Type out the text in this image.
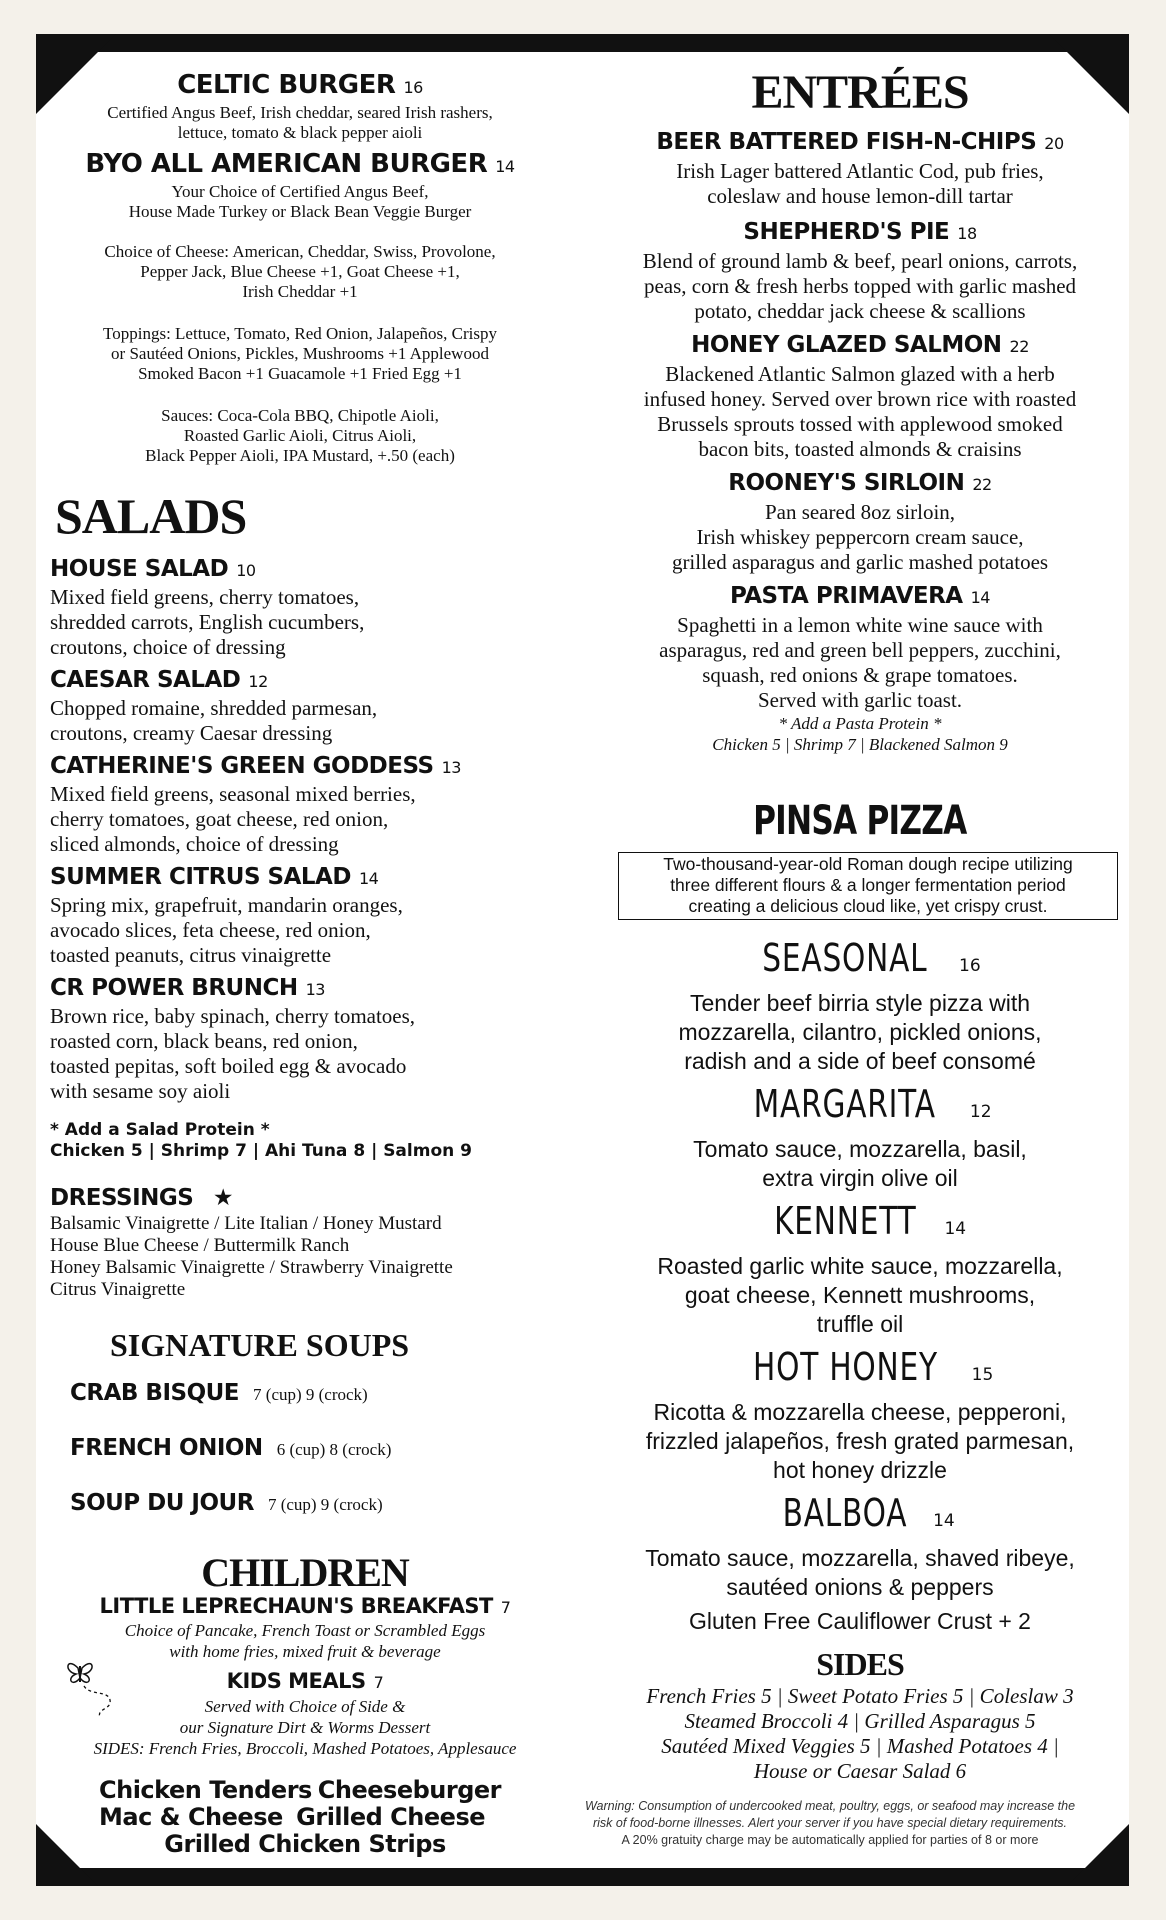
CELTIC BURGER 16
Certified Angus Beef, Irish cheddar, seared Irish rashers,
lettuce, tomato & black pepper aioli
BYO ALL AMERICAN BURGER 14
Your Choice of Certified Angus Beef,
House Made Turkey or Black Bean Veggie Burger
Choice of Cheese: American, Cheddar, Swiss, Provolone,
Pepper Jack, Blue Cheese +1, Goat Cheese +1,
Irish Cheddar +1
Toppings: Lettuce, Tomato, Red Onion, Jalapeños, Crispy
or Sautéed Onions, Pickles, Mushrooms +1 Applewood
Smoked Bacon +1 Guacamole +1 Fried Egg +1
Sauces: Coca-Cola BBQ, Chipotle Aioli,
Roasted Garlic Aioli, Citrus Aioli,
Black Pepper Aioli, IPA Mustard, +.50 (each)
SALADS
HOUSE SALAD 10
Mixed field greens, cherry tomatoes,
shredded carrots, English cucumbers,
croutons, choice of dressing
CAESAR SALAD 12
Chopped romaine, shredded parmesan,
croutons, creamy Caesar dressing
CATHERINE'S GREEN GODDESS 13
Mixed field greens, seasonal mixed berries,
cherry tomatoes, goat cheese, red onion,
sliced almonds, choice of dressing
SUMMER CITRUS SALAD 14
Spring mix, grapefruit, mandarin oranges,
avocado slices, feta cheese, red onion,
toasted peanuts, citrus vinaigrette
CR POWER BRUNCH 13
Brown rice, baby spinach, cherry tomatoes,
roasted corn, black beans, red onion,
toasted pepitas, soft boiled egg & avocado
with sesame soy aioli
* Add a Salad Protein *
Chicken 5 | Shrimp 7 | Ahi Tuna 8 | Salmon 9
DRESSINGS ★
Balsamic Vinaigrette / Lite Italian / Honey Mustard
House Blue Cheese / Buttermilk Ranch
Honey Balsamic Vinaigrette / Strawberry Vinaigrette
Citrus Vinaigrette
SIGNATURE SOUPS
CRAB BISQUE 7 (cup) 9 (crock)
FRENCH ONION 6 (cup) 8 (crock)
SOUP DU JOUR 7 (cup) 9 (crock)
CHILDREN
LITTLE LEPRECHAUN'S BREAKFAST 7
Choice of Pancake, French Toast or Scrambled Eggs
with home fries, mixed fruit & beverage
KIDS MEALS 7
Served with Choice of Side &
our Signature Dirt & Worms Dessert
SIDES: French Fries, Broccoli, Mashed Potatoes, Applesauce
Chicken Tenders Cheeseburger
Mac & Cheese Grilled Cheese
Grilled Chicken Strips
ENTRÉES
BEER BATTERED FISH-N-CHIPS 20
Irish Lager battered Atlantic Cod, pub fries,
coleslaw and house lemon-dill tartar
SHEPHERD'S PIE 18
Blend of ground lamb & beef, pearl onions, carrots,
peas, corn & fresh herbs topped with garlic mashed
potato, cheddar jack cheese & scallions
HONEY GLAZED SALMON 22
Blackened Atlantic Salmon glazed with a herb
infused honey. Served over brown rice with roasted
Brussels sprouts tossed with applewood smoked
bacon bits, toasted almonds & craisins
ROONEY'S SIRLOIN 22
Pan seared 8oz sirloin,
Irish whiskey peppercorn cream sauce,
grilled asparagus and garlic mashed potatoes
PASTA PRIMAVERA 14
Spaghetti in a lemon white wine sauce with
asparagus, red and green bell peppers, zucchini,
squash, red onions & grape tomatoes.
Served with garlic toast.
* Add a Pasta Protein *
Chicken 5 | Shrimp 7 | Blackened Salmon 9
PINSA PIZZA
Two-thousand-year-old Roman dough recipe utilizing
three different flours & a longer fermentation period
creating a delicious cloud like, yet crispy crust.
SEASONAL 16
Tender beef birria style pizza with
mozzarella, cilantro, pickled onions,
radish and a side of beef consomé
MARGARITA 12
Tomato sauce, mozzarella, basil,
extra virgin olive oil
KENNETT 14
Roasted garlic white sauce, mozzarella,
goat cheese, Kennett mushrooms,
truffle oil
HOT HONEY 15
Ricotta & mozzarella cheese, pepperoni,
frizzled jalapeños, fresh grated parmesan,
hot honey drizzle
BALBOA 14
Tomato sauce, mozzarella, shaved ribeye,
sautéed onions & peppers
Gluten Free Cauliflower Crust + 2
SIDES
French Fries 5 | Sweet Potato Fries 5 | Coleslaw 3
Steamed Broccoli 4 | Grilled Asparagus 5
Sautéed Mixed Veggies 5 | Mashed Potatoes 4 |
House or Caesar Salad 6
Warning: Consumption of undercooked meat, poultry, eggs, or seafood may increase the
risk of food-borne illnesses. Alert your server if you have special dietary requirements.
A 20% gratuity charge may be automatically applied for parties of 8 or more
